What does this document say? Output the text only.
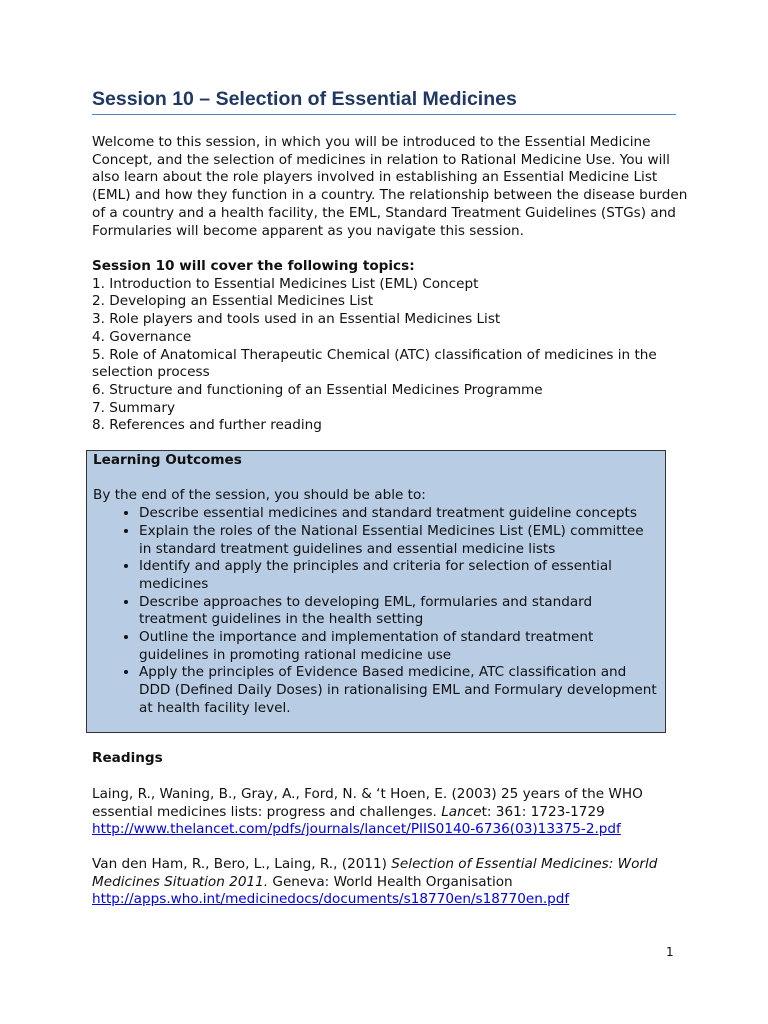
Session 10 – Selection of Essential Medicines

Welcome to this session, in which you will be introduced to the Essential Medicine Concept, and the selection of medicines in relation to Rational Medicine Use. You will also learn about the role players involved in establishing an Essential Medicine List (EML) and how they function in a country. The relationship between the disease burden of a country and a health facility, the EML, Standard Treatment Guidelines (STGs) and Formularies will become apparent as you navigate this session.

Session 10 will cover the following topics:

1. Introduction to Essential Medicines List (EML) Concept
2. Developing an Essential Medicines List
3. Role players and tools used in an Essential Medicines List
4. Governance
5. Role of Anatomical Therapeutic Chemical (ATC) classification of medicines in the selection process
6. Structure and functioning of an Essential Medicines Programme
7. Summary
8. References and further reading

Learning Outcomes

By the end of the session, you should be able to:

• Describe essential medicines and standard treatment guideline concepts
• Explain the roles of the National Essential Medicines List (EML) committee in standard treatment guidelines and essential medicine lists
• Identify and apply the principles and criteria for selection of essential medicines
• Describe approaches to developing EML, formularies and standard treatment guidelines in the health setting
• Outline the importance and implementation of standard treatment guidelines in promoting rational medicine use
• Apply the principles of Evidence Based medicine, ATC classification and DDD (Defined Daily Doses) in rationalising EML and Formulary development at health facility level.

Readings

Laing, R., Waning, B., Gray, A., Ford, N. & ‘t Hoen, E. (2003) 25 years of the WHO essential medicines lists: progress and challenges. Lancet: 361: 1723-1729
http://www.thelancet.com/pdfs/journals/lancet/PIIS0140-6736(03)13375-2.pdf

Van den Ham, R., Bero, L., Laing, R., (2011) Selection of Essential Medicines: World Medicines Situation 2011. Geneva: World Health Organisation
http://apps.who.int/medicinedocs/documents/s18770en/s18770en.pdf

1
